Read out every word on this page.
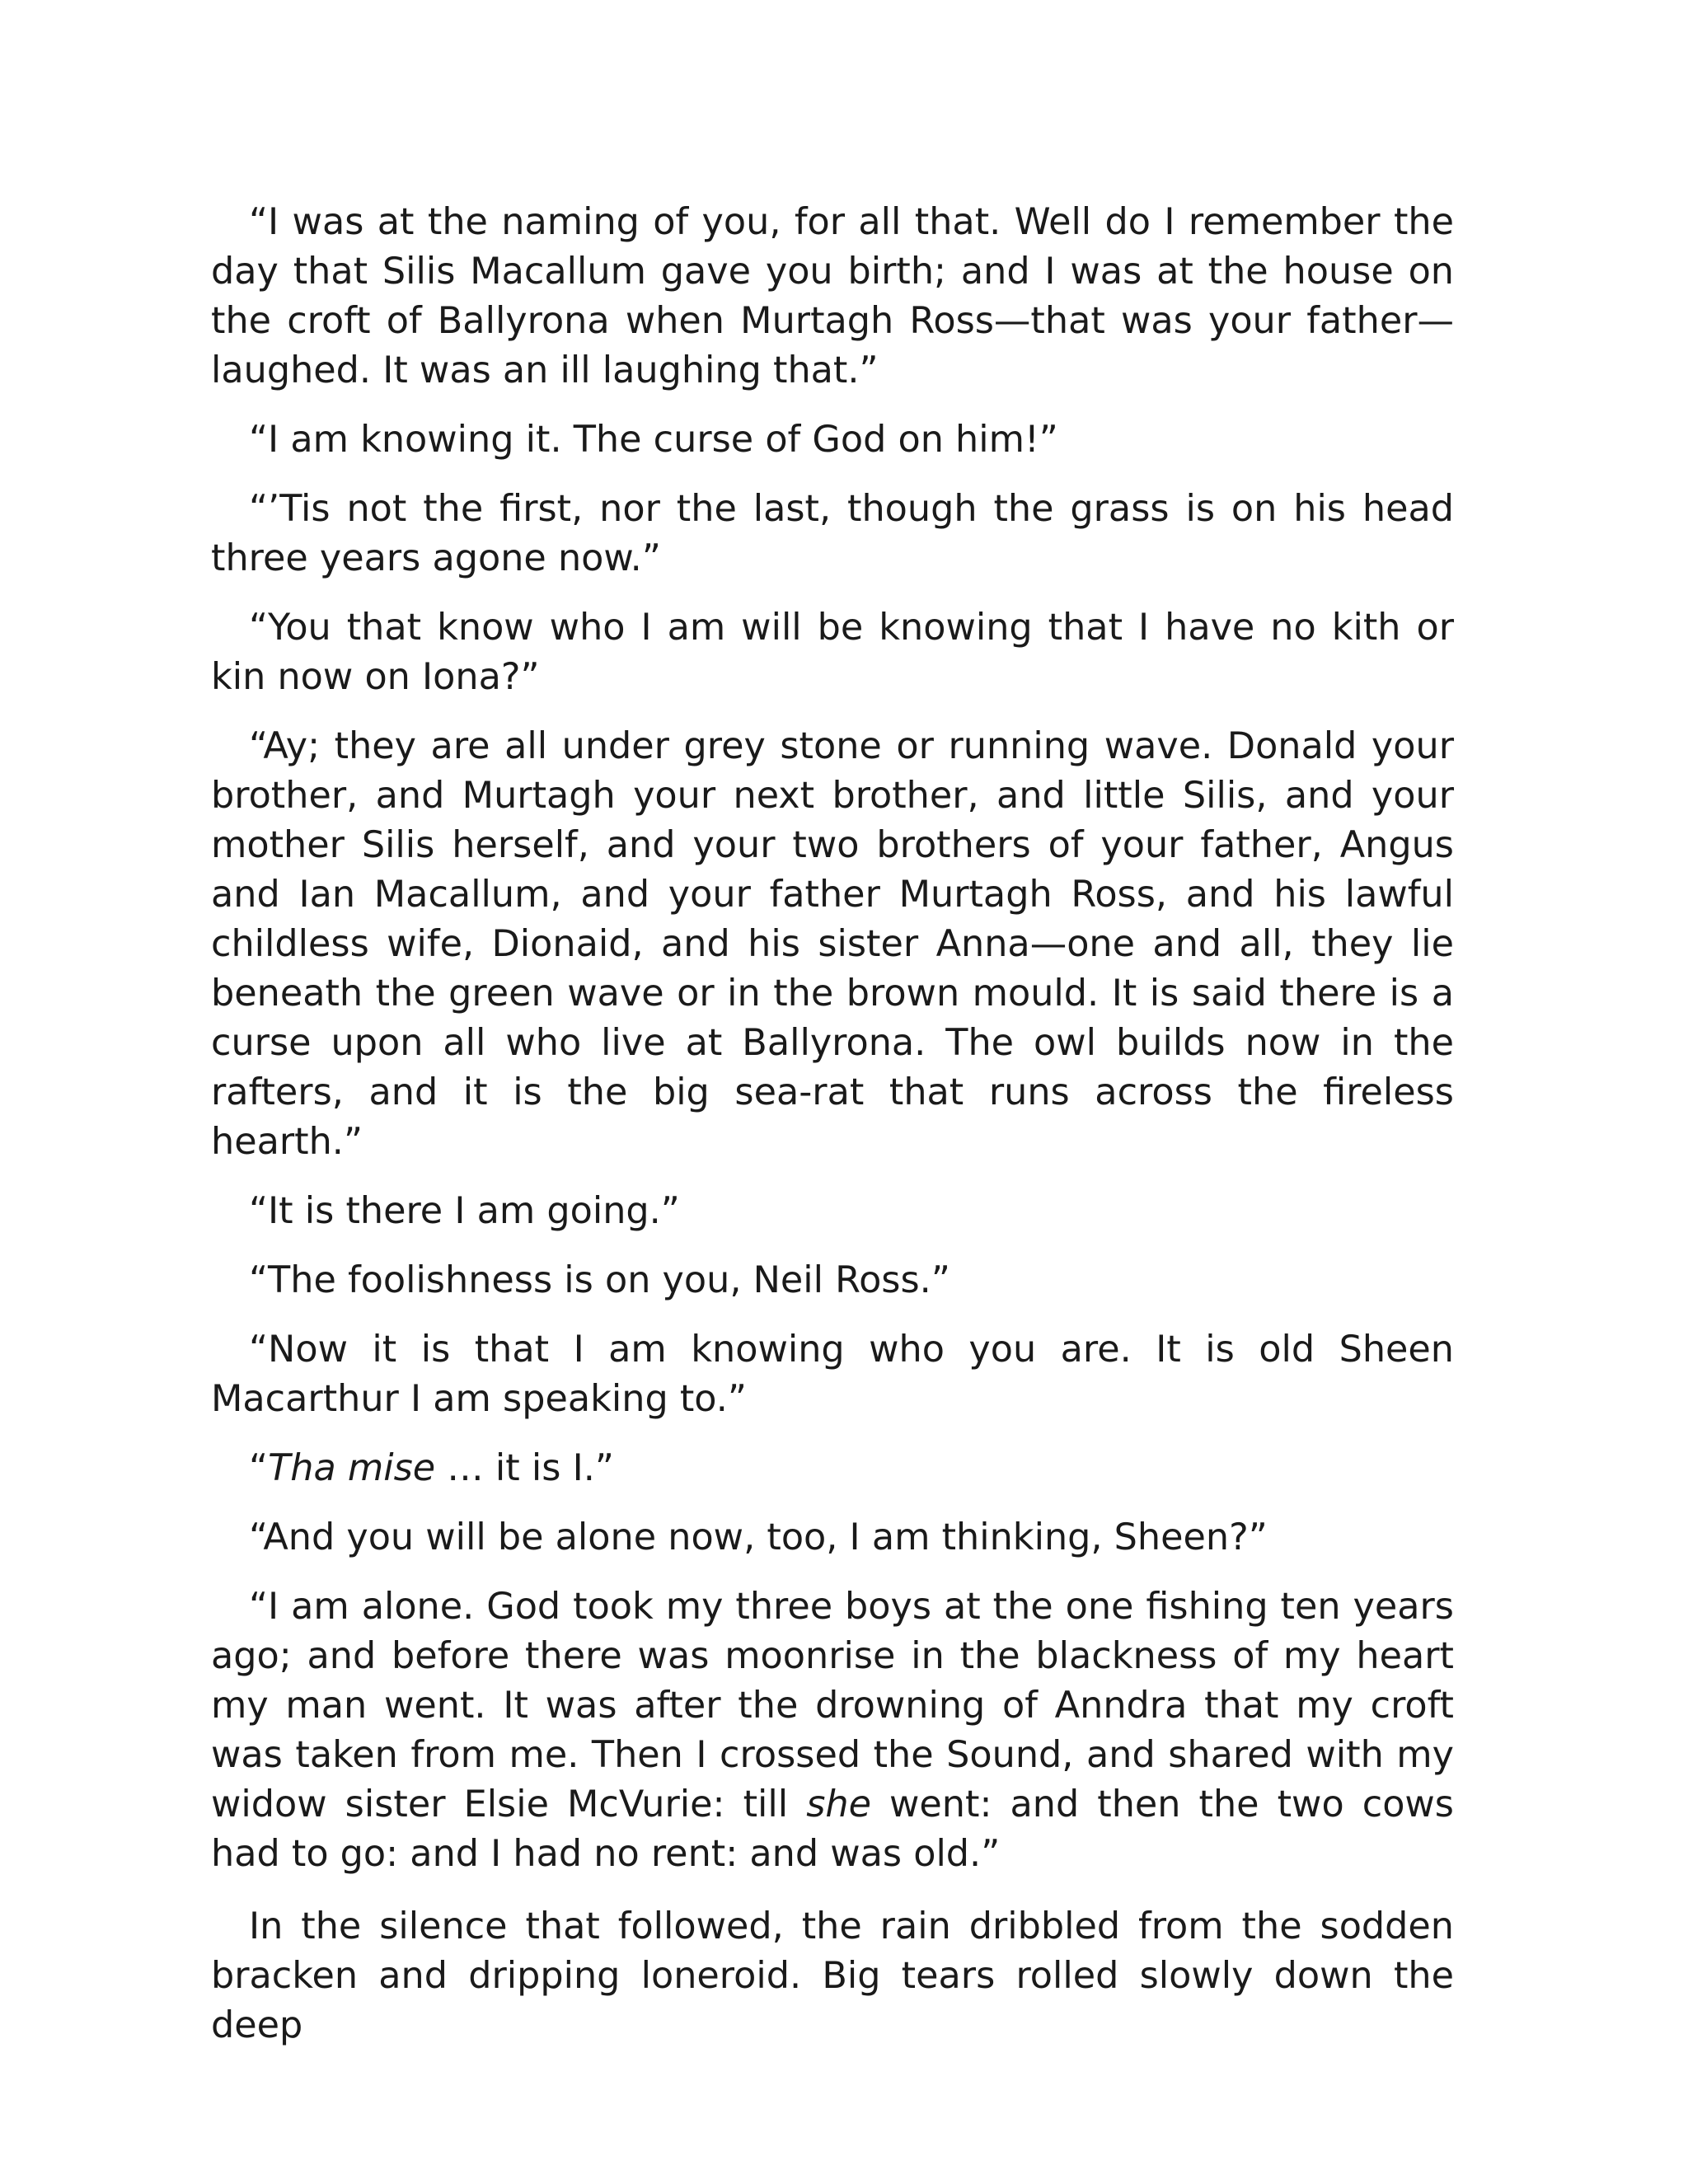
“I was at the naming of you, for all that. Well do I remember the day that Silis Macallum gave you birth; and I was at the house on the croft of Ballyrona when Murtagh Ross—that was your father—laughed. It was an ill laughing that.”

“I am knowing it. The curse of God on him!”

“’Tis not the first, nor the last, though the grass is on his head three years agone now.”

“You that know who I am will be knowing that I have no kith or kin now on Iona?”

“Ay; they are all under grey stone or running wave. Donald your brother, and Murtagh your next brother, and little Silis, and your mother Silis herself, and your two brothers of your father, Angus and Ian Macallum, and your father Murtagh Ross, and his lawful childless wife, Dionaid, and his sister Anna—one and all, they lie beneath the green wave or in the brown mould. It is said there is a curse upon all who live at Ballyrona. The owl builds now in the rafters, and it is the big sea-rat that runs across the fireless hearth.”

“It is there I am going.”

“The foolishness is on you, Neil Ross.”

“Now it is that I am knowing who you are. It is old Sheen Macarthur I am speaking to.”

“Tha mise … it is I.”

“And you will be alone now, too, I am thinking, Sheen?”

“I am alone. God took my three boys at the one fishing ten years ago; and before there was moonrise in the blackness of my heart my man went. It was after the drowning of Anndra that my croft was taken from me. Then I crossed the Sound, and shared with my widow sister Elsie McVurie: till she went: and then the two cows had to go: and I had no rent: and was old.”

In the silence that followed, the rain dribbled from the sodden bracken and dripping loneroid. Big tears rolled slowly down the deep
